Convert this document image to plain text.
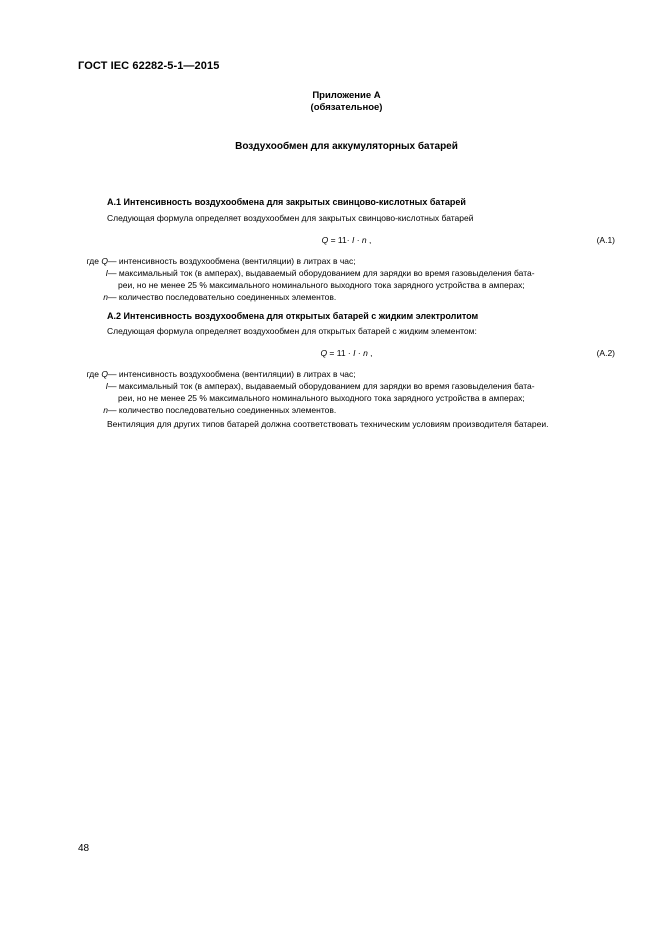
ГОСТ IEC 62282-5-1—2015
Приложение А
(обязательное)
Воздухообмен для аккумуляторных батарей
А.1 Интенсивность воздухообмена для закрытых свинцово-кислотных батарей
Следующая формула определяет воздухообмен для закрытых свинцово-кислотных батарей
Q = 11· I · n ,	(А.1)
где Q — интенсивность воздухообмена (вентиляции) в литрах в час;
I — максимальный ток (в амперах), выдаваемый оборудованием для зарядки во время газовыделения бата-
реи, но не менее 25 % максимального номинального выходного тока зарядного устройства в амперах;
n — количество последовательно соединенных элементов.
А.2 Интенсивность воздухообмена для открытых батарей с жидким электролитом
Следующая формула определяет воздухообмен для открытых батарей с жидким элементом:
Q = 11 · I · n ,	(А.2)
где Q — интенсивность воздухообмена (вентиляции) в литрах в час;
I — максимальный ток (в амперах), выдаваемый оборудованием для зарядки во время газовыделения бата-
реи, но не менее 25 % максимального номинального выходного тока зарядного устройства в амперах;
n — количество последовательно соединенных элементов.
Вентиляция для других типов батарей должна соответствовать техническим условиям производителя батареи.
48
